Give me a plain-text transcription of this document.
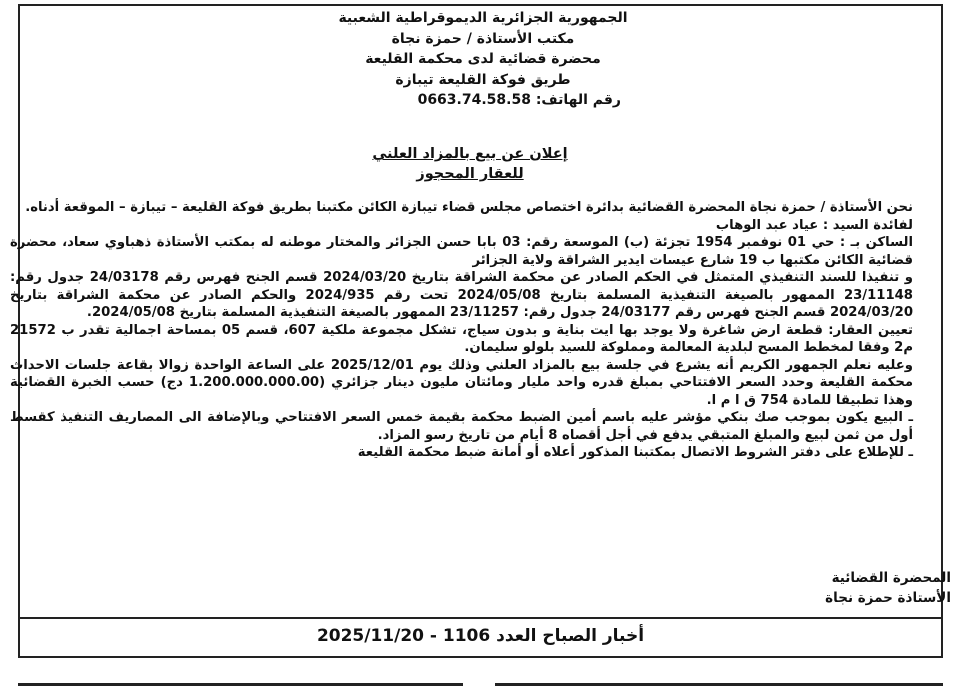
الجمهورية الجزائرية الديموقراطية الشعبية
مكتب الأستاذة / حمزة نجاة
محضرة قضائية لدى محكمة القليعة
طريق فوكة القليعة تيبازة
رقم الهاتف: 0663.74.58.58
إعلان عن بيع بالمزاد العلني
للعقار المحجوز

نحن الأستاذة / حمزة نجاة المحضرة القضائية بدائرة اختصاص مجلس قضاء تيبازة الكائن مكتبنا بطريق فوكة القليعة – تيبازة – الموقعة أدناه.

لفائدة السيد : عياد عبد الوهاب

الساكن بـ : حي 01 نوفمبر 1954 تجزئة (ب) الموسعة رقم: 03 بابا حسن الجزائر والمختار موطنه له بمكتب الأستاذة ذهباوي سعاد، محضرة قضائية الكائن مكتبها ب 19 شارع عيسات ايدير الشراقة ولاية الجزائر

و تنفيذا للسند التنفيذي المتمثل في الحكم الصادر عن محكمة الشراقة بتاريخ 2024/03/20 قسم الجنح فهرس رقم 24/03178 جدول رقم: 23/11148 الممهور بالصيغة التنفيذية المسلمة بتاريخ 2024/05/08 تحت رقم 2024/935 والحكم الصادر عن محكمة الشراقة بتاريخ 2024/03/20 قسم الجنح فهرس رقم 24/03177 جدول رقم: 23/11257 الممهور بالصيغة التنفيذية المسلمة بتاريخ 2024/05/08.

تعيين العقار: قطعة ارض شاغرة ولا يوجد بها ايت بناية و بدون سياج، تشكل مجموعة ملكية 607، قسم 05 بمساحة اجمالية تقدر ب 21572 م2 وفقا لمخطط المسح لبلدية المعالمة ومملوكة للسيد بلولو سليمان.

وعليه نعلم الجمهور الكريم أنه يشرع في جلسة بيع بالمزاد العلني وذلك يوم 2025/12/01 على الساعة الواحدة زوالا بقاعة جلسات الاحداث محكمة القليعة وحدد السعر الافتتاحي بمبلغ قدره واحد مليار ومائتان مليون دينار جزائري (1.200.000.000.00 دج) حسب الخبرة القضائية وهذا تطبيقا للمادة 754 ق ا م ا.

ـ البيع يكون بموجب صك بنكي مؤشر عليه باسم أمين الضبط محكمة بقيمة خمس السعر الافتتاحي وبالإضافة الى المصاريف التنفيذ كقسط أول من ثمن لبيع والمبلغ المتبقي يدفع في أجل أقصاه 8 أيام من تاريخ رسو المزاد.

ـ للإطلاع على دفتر الشروط الاتصال بمكتبنا المذكور أعلاه أو أمانة ضبط محكمة القليعة

المحضرة القضائية
الأستاذة حمزة نجاة
أخبار الصباح العدد 1106 - 2025/11/20
